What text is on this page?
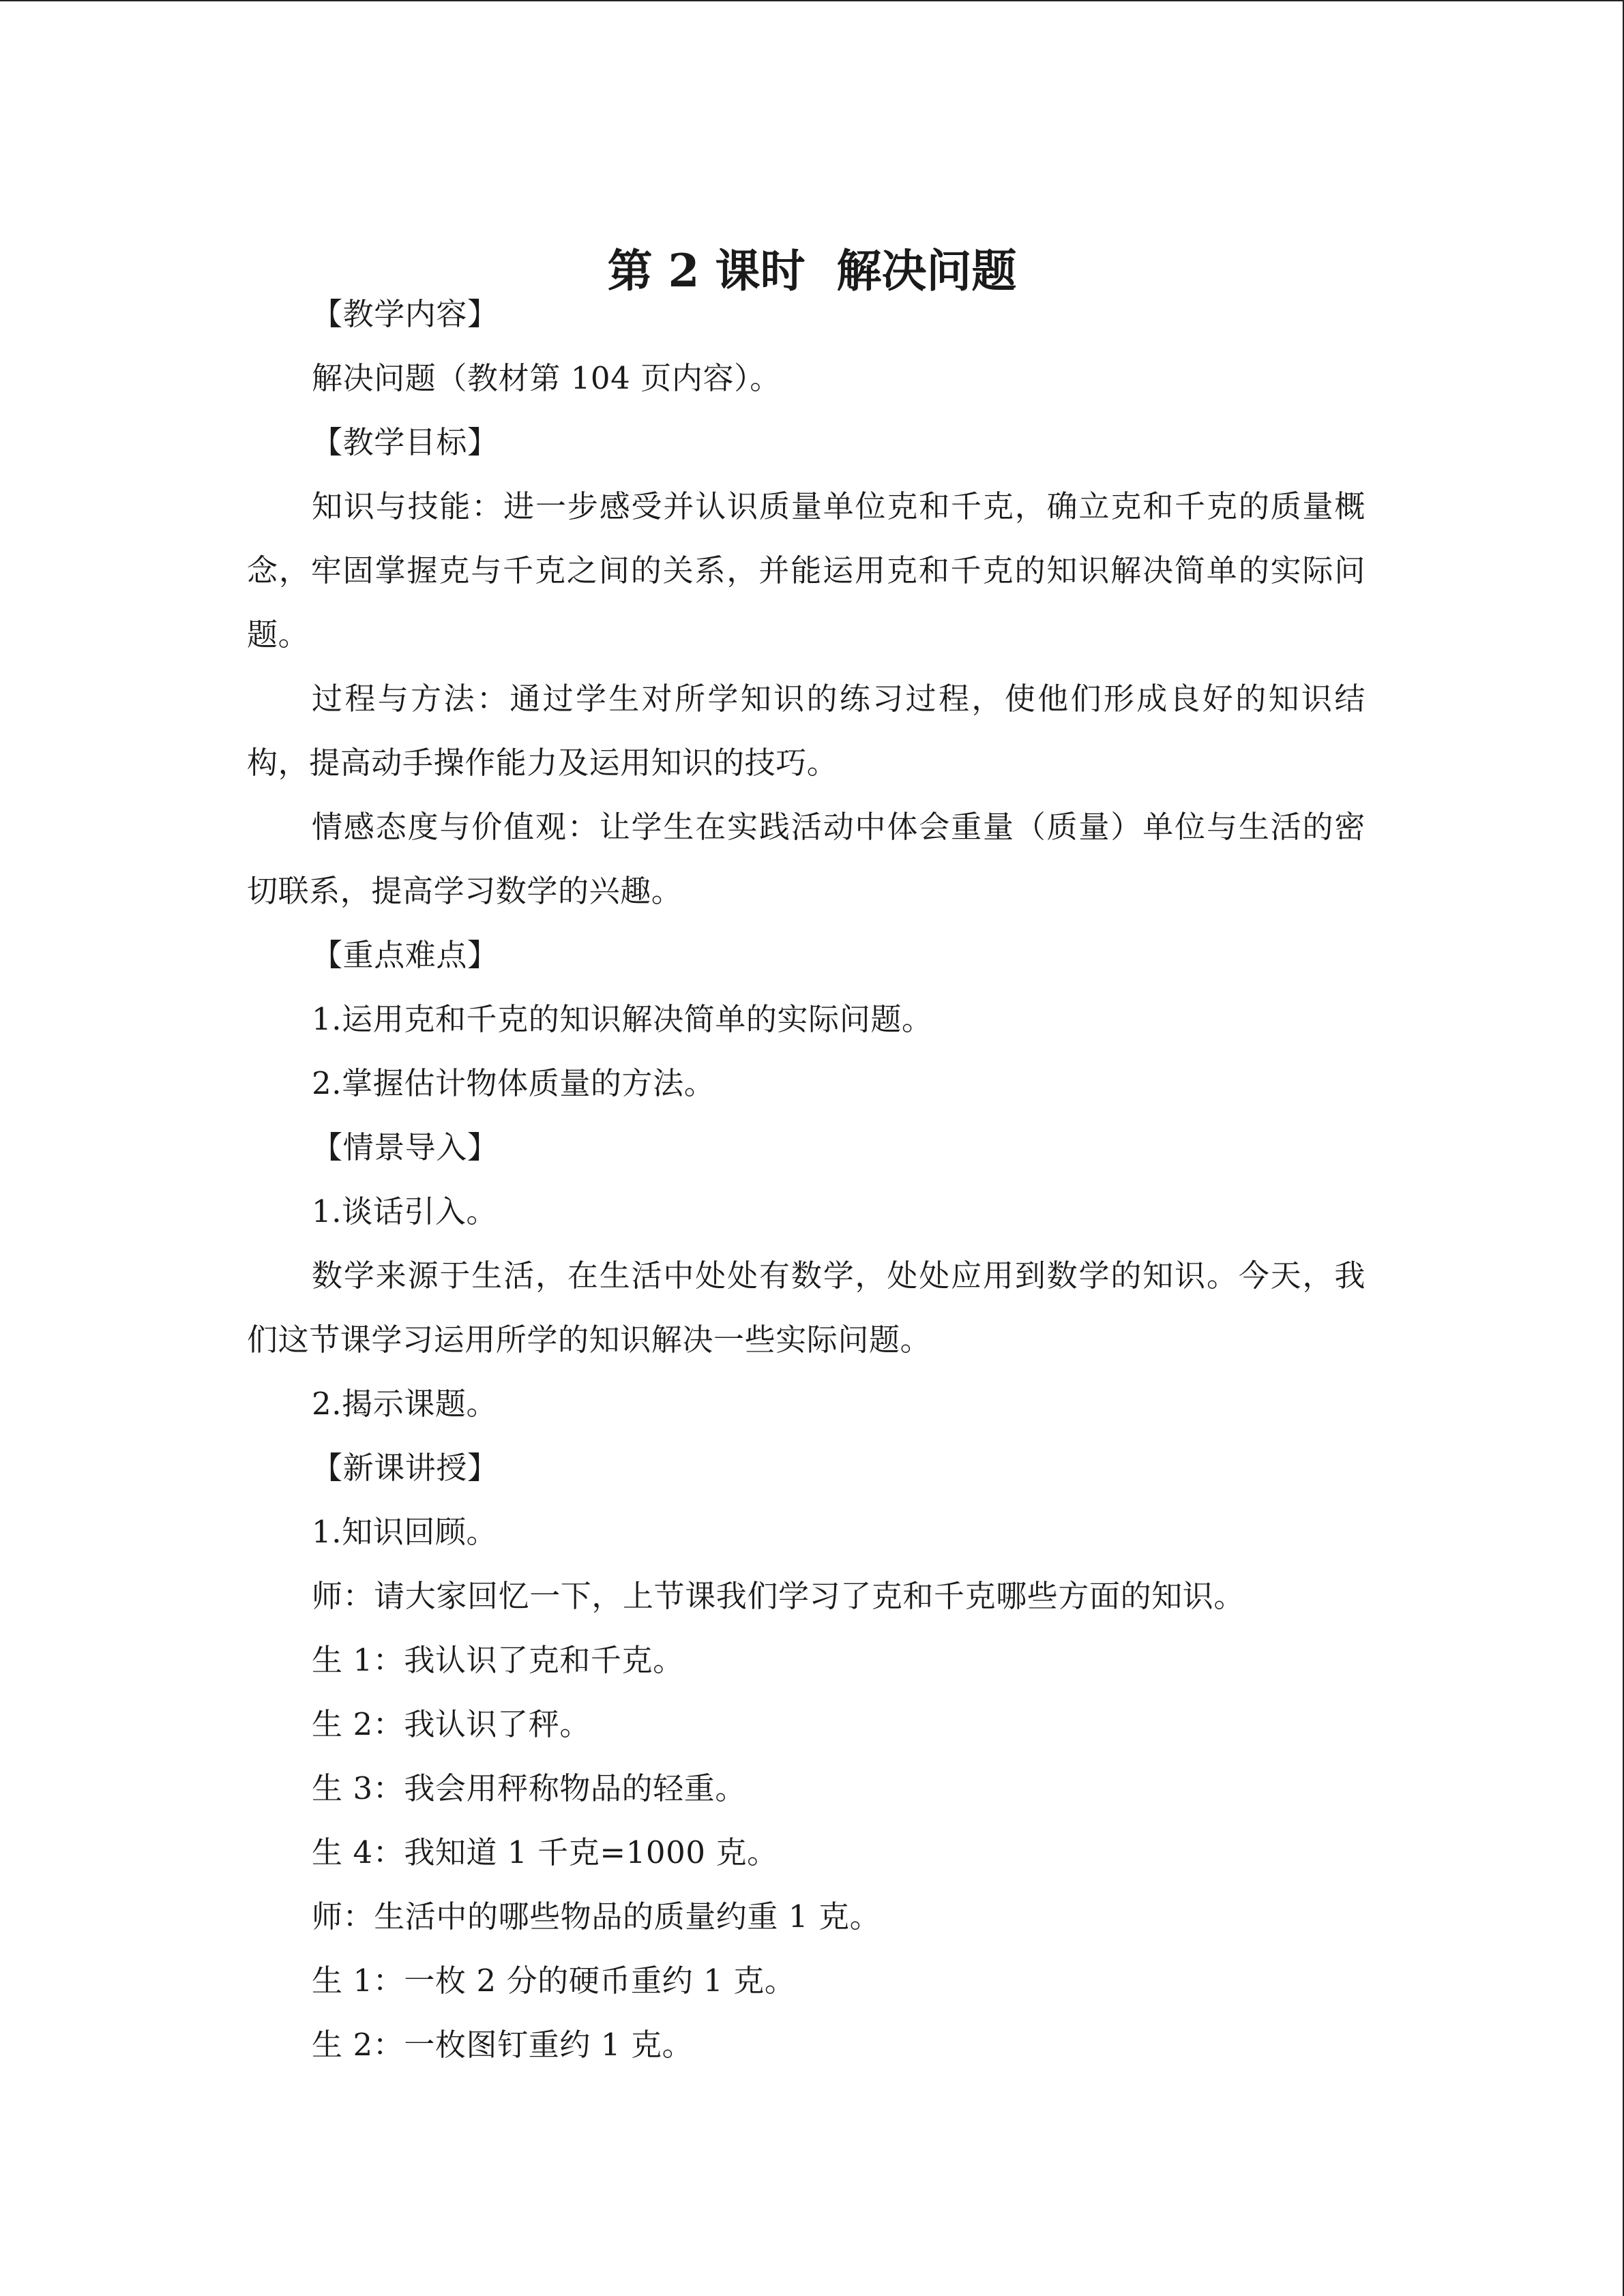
第 2 课时  解决问题

【教学内容】

解决问题（教材第 104 页内容）。

【教学目标】

知识与技能：进一步感受并认识质量单位克和千克，确立克和千克的质量概念，牢固掌握克与千克之间的关系，并能运用克和千克的知识解决简单的实际问题。

过程与方法：通过学生对所学知识的练习过程，使他们形成良好的知识结构，提高动手操作能力及运用知识的技巧。

情感态度与价值观：让学生在实践活动中体会重量（质量）单位与生活的密切联系，提高学习数学的兴趣。

【重点难点】

1.运用克和千克的知识解决简单的实际问题。

2.掌握估计物体质量的方法。

【情景导入】

1.谈话引入。

数学来源于生活，在生活中处处有数学，处处应用到数学的知识。今天，我们这节课学习运用所学的知识解决一些实际问题。

2.揭示课题。

【新课讲授】

1.知识回顾。

师：请大家回忆一下，上节课我们学习了克和千克哪些方面的知识。

生 1：我认识了克和千克。

生 2：我认识了秤。

生 3：我会用秤称物品的轻重。

生 4：我知道 1 千克=1000 克。

师：生活中的哪些物品的质量约重 1 克。

生 1：一枚 2 分的硬币重约 1 克。

生 2：一枚图钉重约 1 克。
